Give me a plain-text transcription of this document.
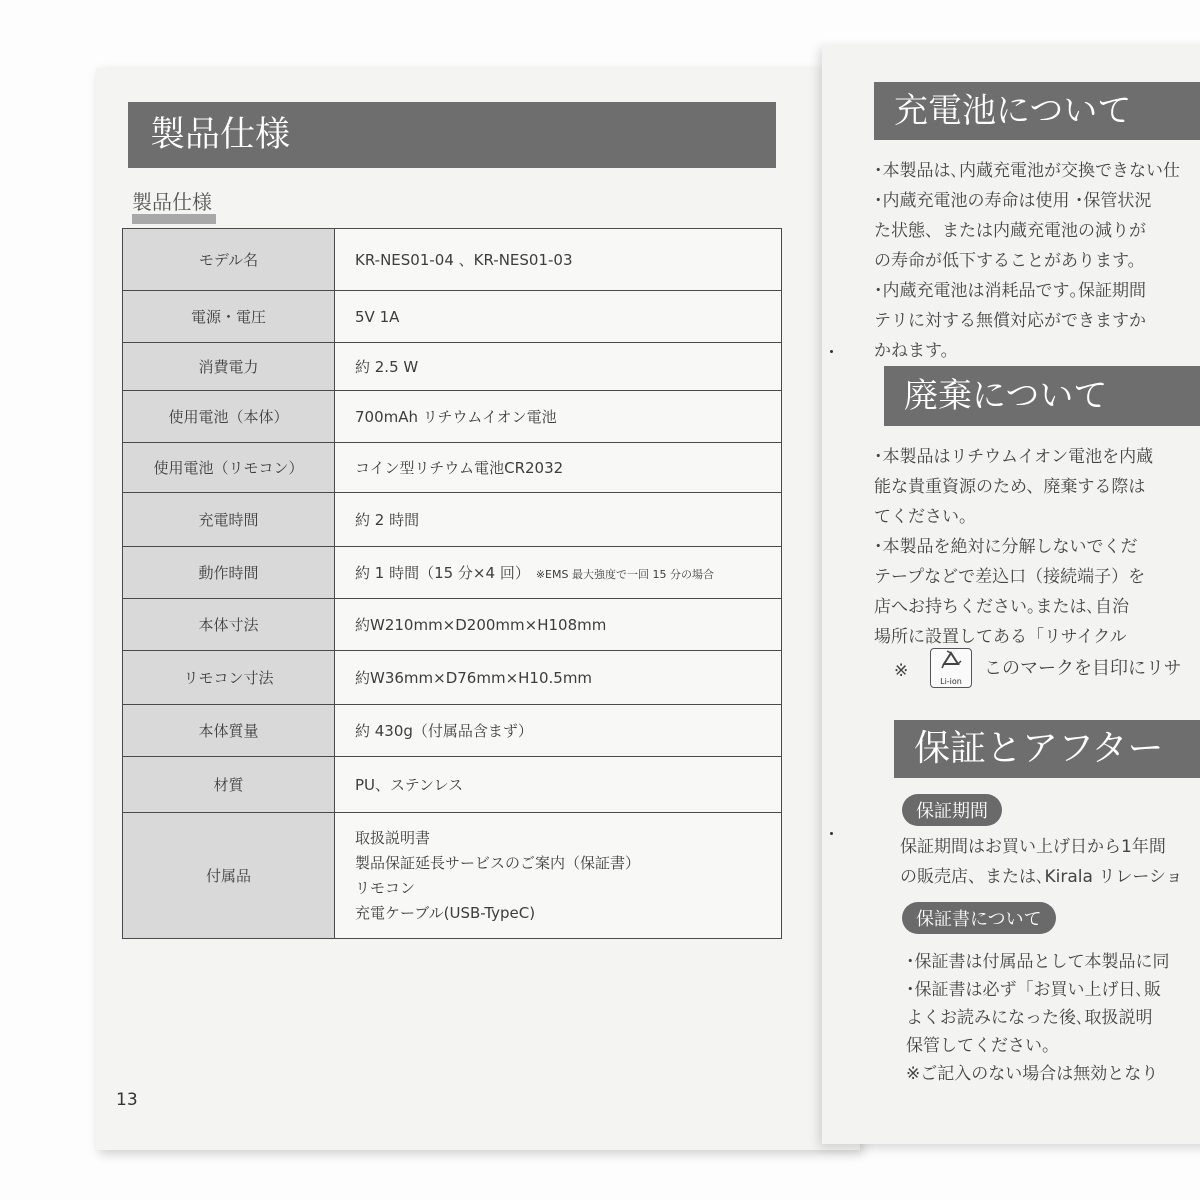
製品仕様
製品仕様
モデル名	KR-NES01-04 、KR-NES01-03
電源・電圧	5V 1A
消費電力	約 2.5 W
使用電池（本体）	700mAh リチウムイオン電池
使用電池（リモコン）	コイン型リチウム電池CR2032
充電時間	約 2 時間
動作時間	約 1 時間（15 分×4 回） ※EMS 最大強度で一回 15 分の場合
本体寸法	約W210mm×D200mm×H108mm
リモコン寸法	約W36mm×D76mm×H10.5mm
本体質量	約 430g（付属品含まず）
材質	PU、ステンレス
付属品	取扱説明書
製品保証延長サービスのご案内（保証書）
リモコン
充電ケーブル(USB-TypeC)
13
充電池について
･本製品は､内蔵充電池が交換できない仕
･内蔵充電池の寿命は使用 ･保管状況
た状態、または内蔵充電池の減りが
の寿命が低下することがあります。
･内蔵充電池は消耗品です｡保証期間
テリに対する無償対応ができますか
かねます。
廃棄について
･本製品はリチウムイオン電池を内蔵
能な貴重資源のため、廃棄する際は
てください。
･本製品を絶対に分解しないでくだ
テープなどで差込口（接続端子）を
店へお持ちください｡または､自治
場所に設置してある「リサイクル
※
Li-ion
このマークを目印にリサ
保証とアフター
保証期間
保証期間はお買い上げ日から1年間
の販売店、または､Kirala リレーショ
保証書について
･保証書は付属品として本製品に同
･保証書は必ず「お買い上げ日､販
よくお読みになった後､取扱説明
保管してください。
※ご記入のない場合は無効となり
